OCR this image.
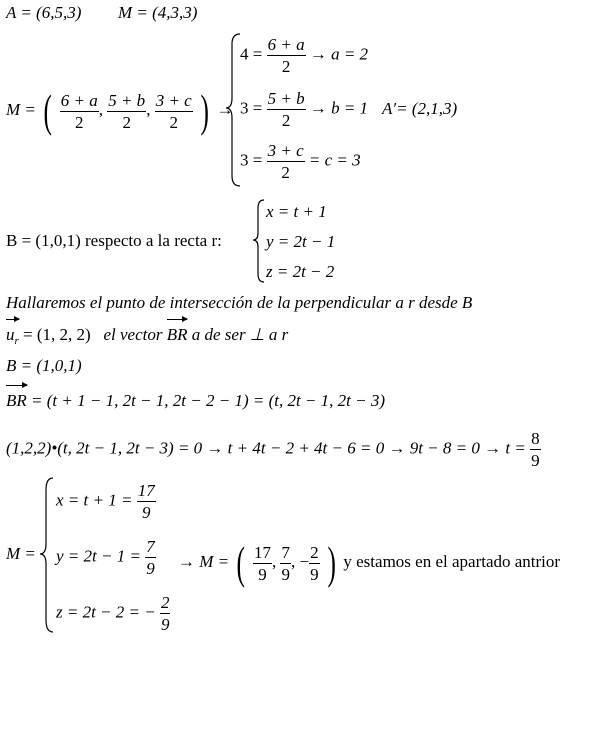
A = (6,5,3) M = (4,3,3)
M = ( $\frac{6 + a}{2}$ , $\frac{5 + b}{2}$ , $\frac{3 + c}{2}$ ) →
$4 = \frac{6 + a}{2} \to a = 2$
$3 = \frac{5 + b}{2} \to b = 1$ A′= (2,1,3)
$3 = \frac{3 + c}{2} = c = 3$
B = (1,0,1) respecto a la recta r:
x = t + 1
y = 2t − 1
z = 2t − 2
Hallaremos el punto de intersección de la perpendicular a r desde B
$u_r = (1$, 2, 2) el vector BR a de ser ⊥ a r
B = (1,0,1)
BR = (t + 1 − 1, 2t − 1, 2t − 2 − 1) = (t, 2t − 1, 2t − 3)
(1,2,2)•(t, 2t − 1, $2t - 3) = 0 \to t + 4t - 2 + 4t - 6 = 0 \to 9t - 8 = 0 \to t = \frac{8}{9}$
M =
$x = t + 1 = \frac{17}{9}$
$y = 2t - 1 = \frac{7}{9}$
z = 2t − 2 = − $\frac{2}{9}$
→ M = ( $\frac{17}{9}$ , $\frac{7}{9}$ , − $\frac{2}{9}$ ) y estamos en el apartado antrior
